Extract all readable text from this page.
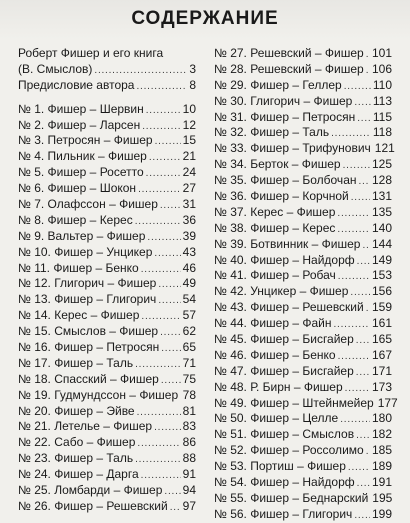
СОДЕРЖАНИЕ
Роберт Фишер и его книга
(В. Смыслов) . . .	3
Предисловие автора . . .	8
№ 1. Фишер – Шервин . . .	10
№ 2. Фишер – Ларсен . . .	12
№ 3. Петросян – Фишер . . .	15
№ 4. Пильник – Фишер . . .	21
№ 5. Фишер – Росетто . . .	24
№ 6. Фишер – Шокон . . .	27
№ 7. Олафссон – Фишер . . . 31
№ 8. Фишер – Керес . . .	36
№ 9. Вальтер – Фишер . . .	39
№ 10. Фишер – Унцикер . . .	43
№ 11. Фишер – Бенко . . .	46
№ 12. Глигорич – Фишер . . . 49
№ 13. Фишер – Глигорич . . . 54
№ 14. Керес – Фишер . . .	57
№ 15. Смыслов – Фишер . . . 62
№ 16. Фишер – Петросян . . . 65
№ 17. Фишер – Таль . . .	71
№ 18. Спасский – Фишер . . . 75
№ 19. Гудмундссон – Фишер . . . 78
№ 20. Фишер – Эйве . . .	81
№ 21. Летелье – Фишер . . .	83
№ 22. Сабо – Фишер . . .	86
№ 23. Фишер – Таль . . .	88
№ 24. Фишер – Дарга . . .	91
№ 25. Ломбарди – Фишер . . . 94
№ 26. Фишер – Решевский . . . 97
№ 27. Решевский – Фишер . . . 101
№ 28. Решевский – Фишер . . . 106
№ 29. Фишер – Геллер . . .	110
№ 30. Глигорич – Фишер . . . 113
№ 31. Фишер – Петросян . . . 115
№ 32. Фишер – Таль . . .	118
№ 33. Фишер – Трифунович 121
№ 34. Берток – Фишер . . .	125
№ 35. Фишер – Болбочан . . . 128
№ 36. Фишер – Корчной . . . 131
№ 37. Керес – Фишер . . .	135
№ 38. Фишер – Керес . . .	140
№ 39. Ботвинник – Фишер . . . 144
№ 40. Фишер – Найдорф . . . 149
№ 41. Фишер – Робач . . .	153
№ 42. Унцикер – Фишер . . . 156
№ 43. Фишер – Решевский . . . 159
№ 44. Фишер – Файн . . .	161
№ 45. Фишер – Бисгайер . . . 165
№ 46. Фишер – Бенко . . .	167
№ 47. Фишер – Бисгайер . . . 171
№ 48. Р. Бирн – Фишер . . . 173
№ 49. Фишер – Штейнмейер 177
№ 50. Фишер – Целле . . .	180
№ 51. Фишер – Смыслов . . . 182
№ 52. Фишер – Россолимо . . . 185
№ 53. Портиш – Фишер . . . 189
№ 54. Фишер – Найдорф . . . 191
№ 55. Фишер – Беднарский 195
№ 56. Фишер – Глигорич . . . 199
